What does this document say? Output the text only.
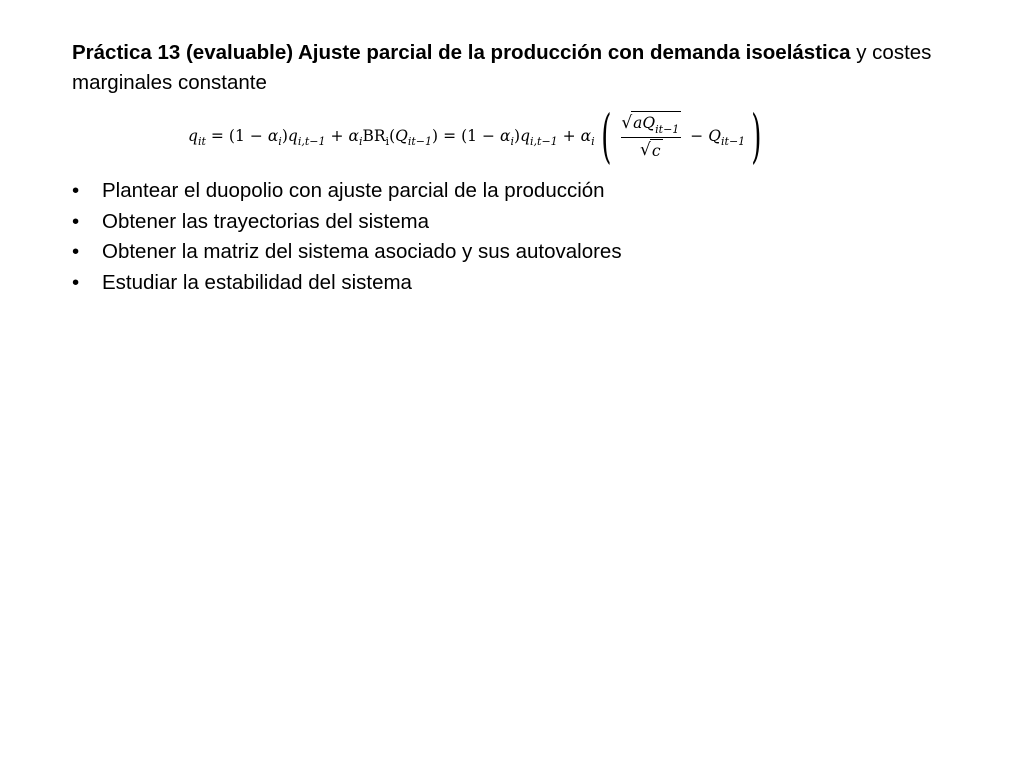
Práctica 13 (evaluable) Ajuste parcial de la producción con demanda isoelástica y costes marginales constante
q it = ( 1 − α i ) q i,t−1 + α i BR i ( Q it−1 ) = ( 1 − α i ) q i,t−1 + α i ( $\frac{√ aQ_{it-1}}{√ c} - Q$ it−1 )
•	Plantear el duopolio con ajuste parcial de la producción
•	Obtener las trayectorias del sistema
•	Obtener la matriz del sistema asociado y sus autovalores
•	Estudiar la estabilidad del sistema
